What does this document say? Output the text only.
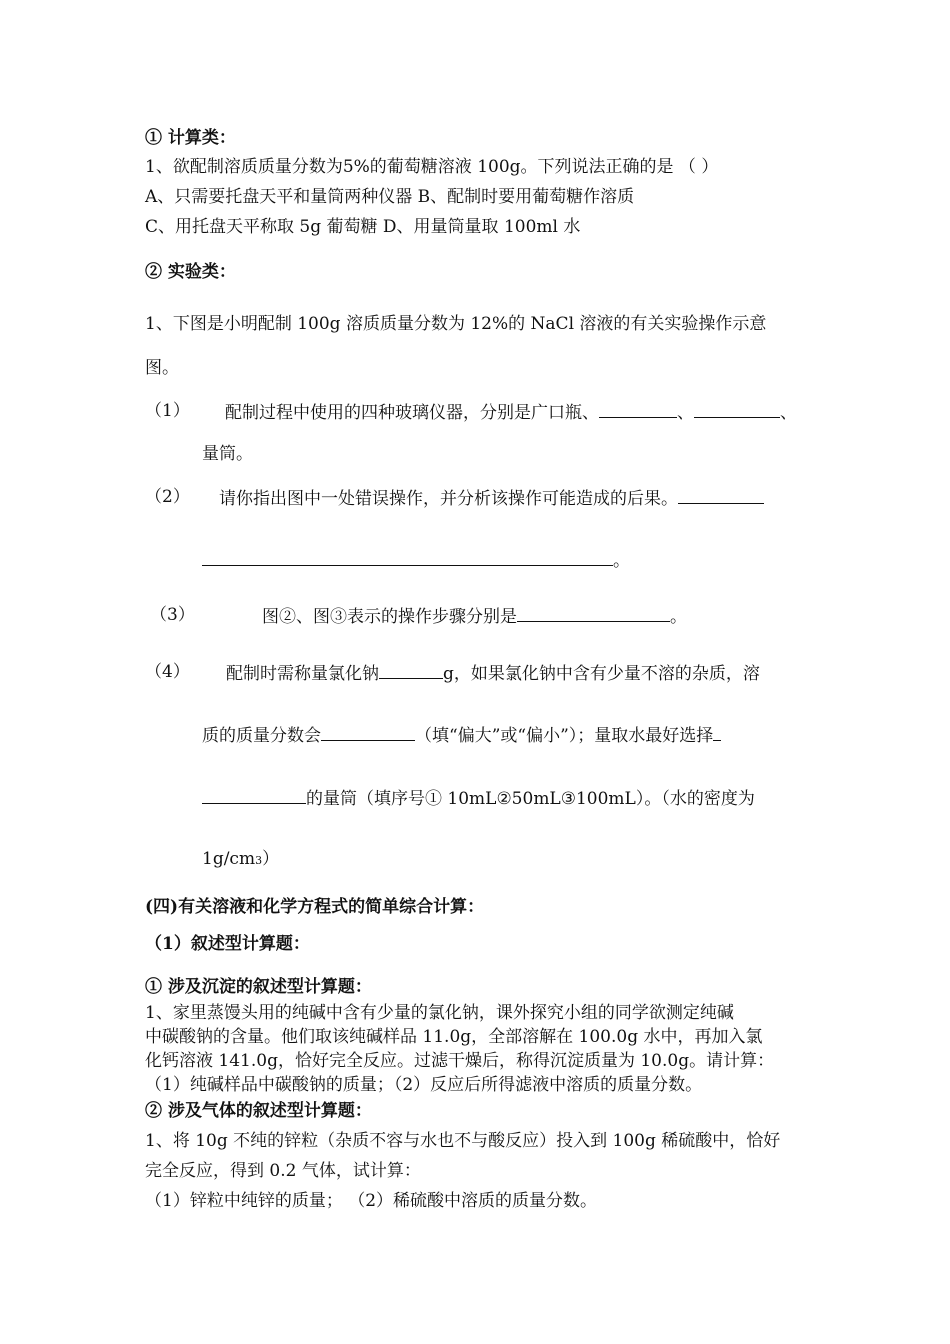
① 计算类：
1、欲配制溶质质量分数为5%的葡萄糖溶液 100g。下列说法正确的是 （ ）
A、只需要托盘天平和量筒两种仪器 B、配制时要用葡萄糖作溶质
C、用托盘天平称取 5g 葡萄糖 D、用量筒量取 100ml 水
② 实验类：
1、下图是小明配制 100g 溶质质量分数为 12%的 NaCl 溶液的有关实验操作示意
图。
（1） 配制过程中使用的四种玻璃仪器，分别是广口瓶、	、	、
量筒。
（2） 请你指出图中一处错误操作，并分析该操作可能造成的后果。
。
（3）	图②、图③表示的操作步骤分别是	。
（4） 配制时需称量氯化钠	g，如果氯化钠中含有少量不溶的杂质，溶
质的质量分数会	（填“偏大”或“偏小”）；量取水最好选择
的量筒（填序号① 10mL②50mL③100mL）。（水的密度为
1g/cm3）
(四)有关溶液和化学方程式的简单综合计算：
（1）叙述型计算题：
① 涉及沉淀的叙述型计算题：
1、家里蒸馒头用的纯碱中含有少量的氯化钠，课外探究小组的同学欲测定纯碱
中碳酸钠的含量。他们取该纯碱样品 11.0g，全部溶解在 100.0g 水中，再加入氯
化钙溶液 141.0g，恰好完全反应。过滤干燥后，称得沉淀质量为 10.0g。请计算：
（1）纯碱样品中碳酸钠的质量；（2）反应后所得滤液中溶质的质量分数。
② 涉及气体的叙述型计算题：
1、将 10g 不纯的锌粒（杂质不容与水也不与酸反应）投入到 100g 稀硫酸中，恰好
完全反应，得到 0.2 气体，试计算：
（1）锌粒中纯锌的质量； （2）稀硫酸中溶质的质量分数。
